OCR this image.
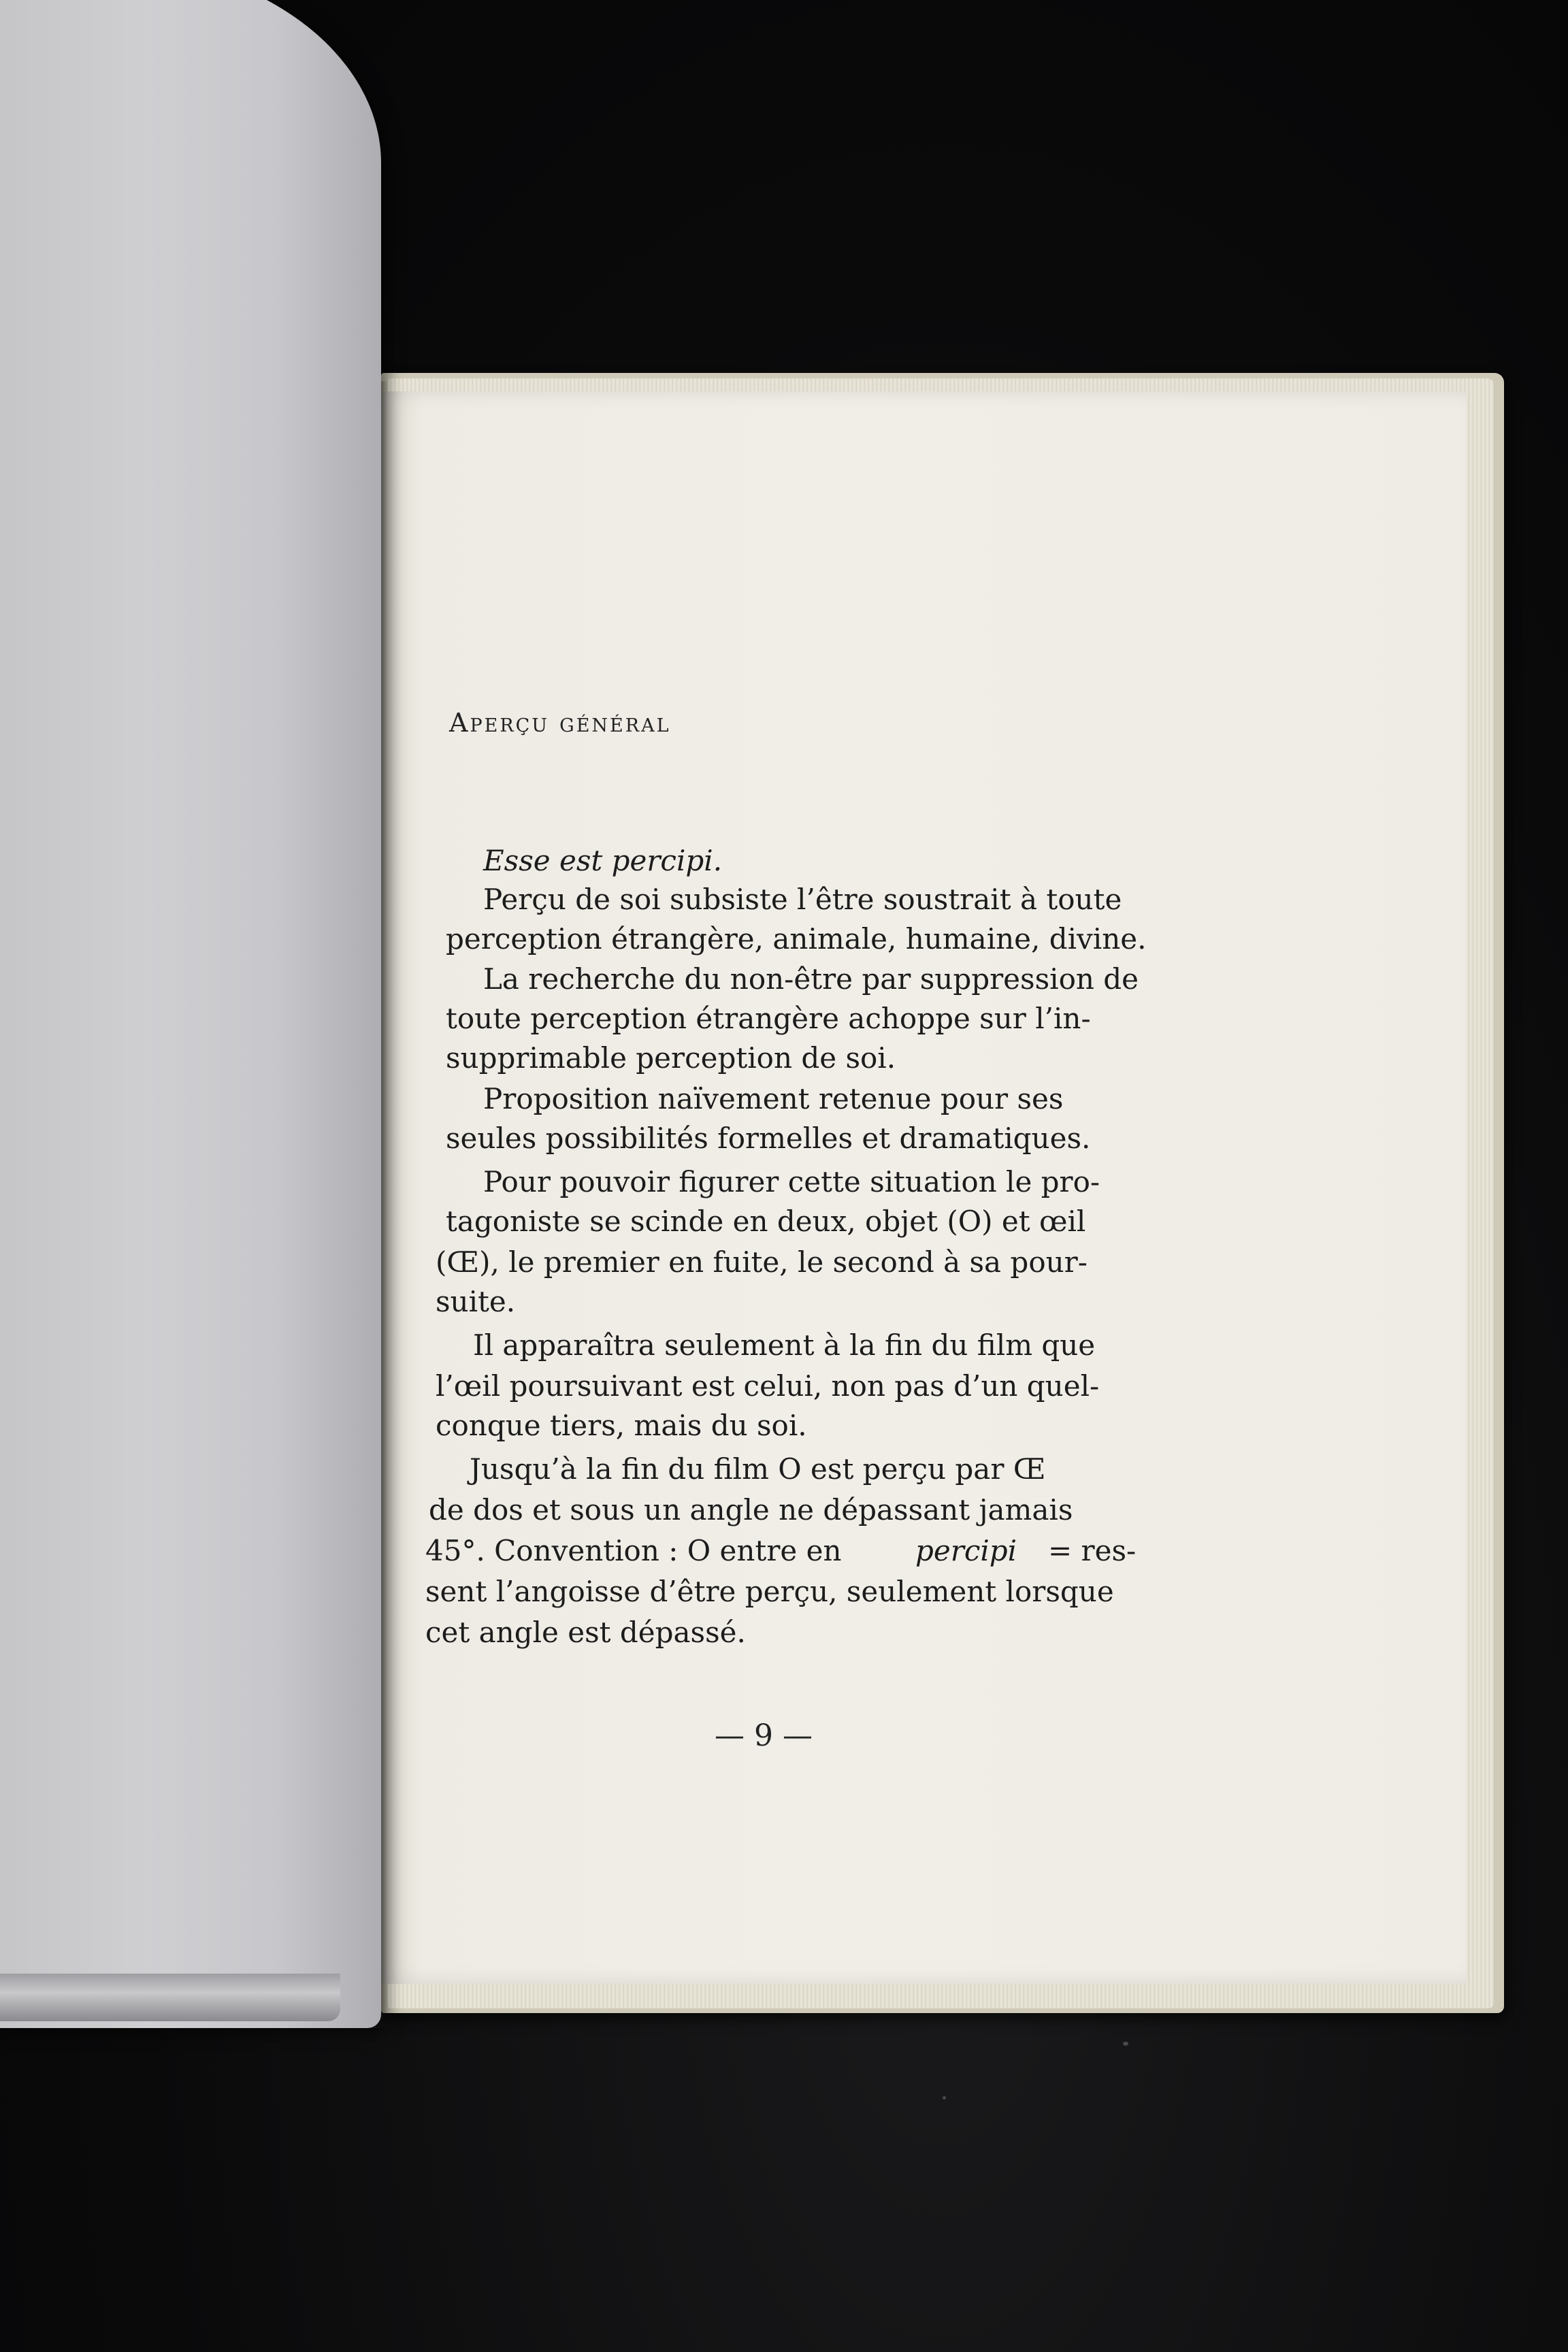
Aperçu général
Esse est percipi.
Perçu de soi subsiste l’être soustrait à toute
perception étrangère, animale, humaine, divine.
La recherche du non-être par suppression de
toute perception étrangère achoppe sur l’in-
supprimable perception de soi.
Proposition naïvement retenue pour ses
seules possibilités formelles et dramatiques.
Pour pouvoir figurer cette situation le pro-
tagoniste se scinde en deux, objet (O) et œil
(Œ), le premier en fuite, le second à sa pour-
suite.
Il apparaîtra seulement à la fin du film que
l’œil poursuivant est celui, non pas d’un quel-
conque tiers, mais du soi.
Jusqu’à la fin du film O est perçu par Œ
de dos et sous un angle ne dépassant jamais
45°. Convention : O entre en	percipi = res-
sent l’angoisse d’être perçu, seulement lorsque
cet angle est dépassé.
— 9 —
